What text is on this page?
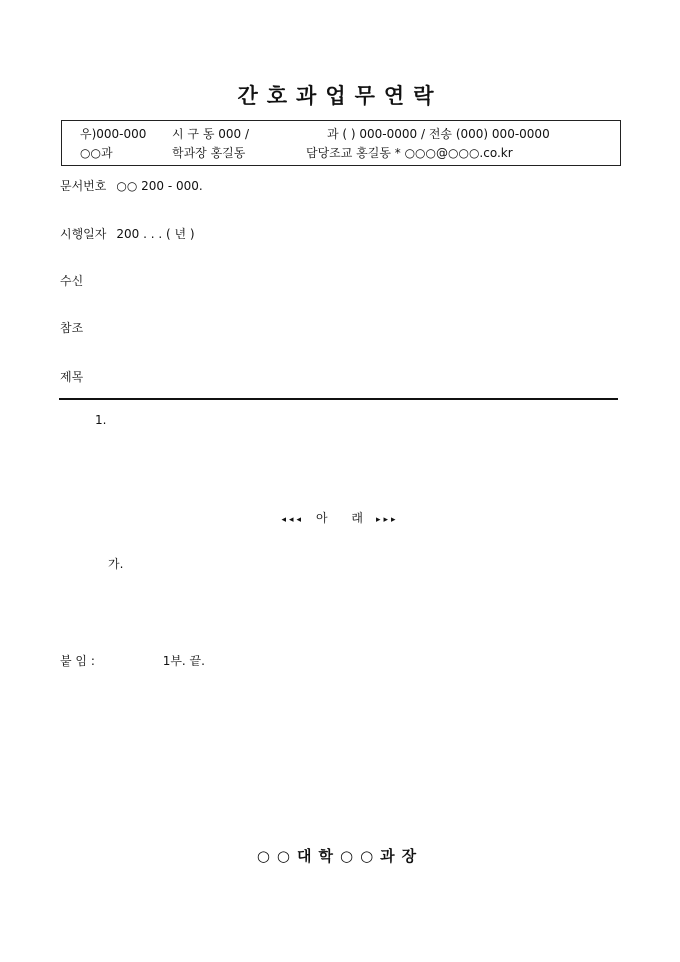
간호과업무연락
우)000-000 시 구 동 000 /	과 ( ) 000-0000 / 전송 (000) 000-0000
○○과	학과장 홍길동	담당조교 홍길동 * ○○○@○○○.co.kr
문서번호 ○○ 200 - 000.
시행일자 200 . . . ( 년 )
수신
참조
제목
1.
◂◂◂ 아 래 ▸▸▸
가.
붙 임 :	1부. 끝.
○○대학○○과장
